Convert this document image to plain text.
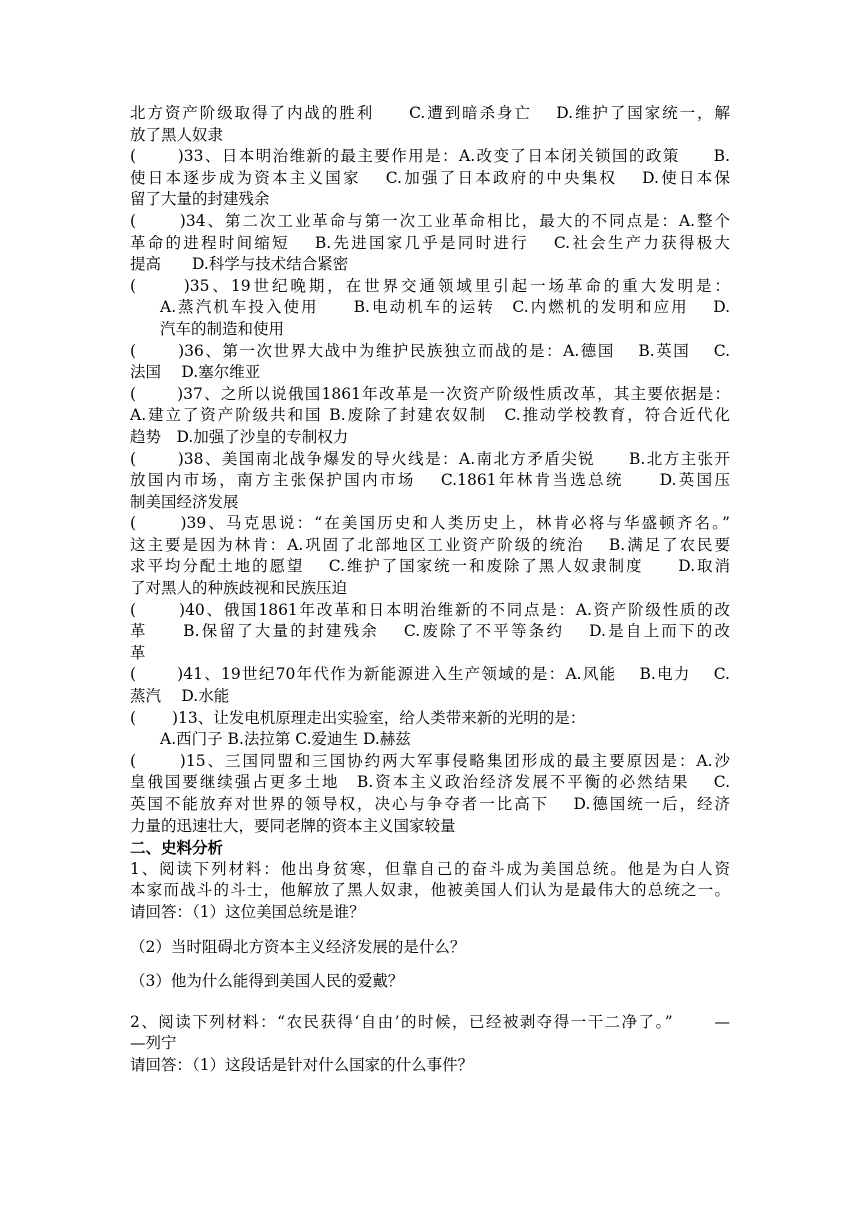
北方资产阶级取得了内战的胜利　　C.遭到暗杀身亡　 D.维护了国家统一，解
放了黑人奴隶
(　　 )33、日本明治维新的最主要作用是：A.改变了日本闭关锁国的政策　　B.
使日本逐步成为资本主义国家　 C.加强了日本政府的中央集权　 D.使日本保
留了大量的封建残余
(　　 )34、第二次工业革命与第一次工业革命相比，最大的不同点是：A.整个
革命的进程时间缩短　 B.先进国家几乎是同时进行　 C.社会生产力获得极大
提高　　D.科学与技术结合紧密
(　　 )35、19世纪晚期，在世界交通领域里引起一场革命的重大发明是：
A.蒸汽机车投入使用　　B.电动机车的运转　C.内燃机的发明和应用　 D.
汽车的制造和使用
(　　 )36、第一次世界大战中为维护民族独立而战的是：A.德国　 B.英国　 C.
法国　 D.塞尔维亚
(　　 )37、之所以说俄国1861年改革是一次资产阶级性质改革，其主要依据是：
A.建立了资产阶级共和国 B.废除了封建农奴制　C.推动学校教育，符合近代化
趋势　D.加强了沙皇的专制权力
(　　 )38、美国南北战争爆发的导火线是：A.南北方矛盾尖锐　　B.北方主张开
放国内市场，南方主张保护国内市场　 C.1861年林肯当选总统　　D.英国压
制美国经济发展
(　　 )39、马克思说：“在美国历史和人类历史上，林肯必将与华盛顿齐名。”
这主要是因为林肯：A.巩固了北部地区工业资产阶级的统治　 B.满足了农民要
求平均分配土地的愿望　 C.维护了国家统一和废除了黑人奴隶制度　　D.取消
了对黑人的种族歧视和民族压迫
(　　 )40、俄国1861年改革和日本明治维新的不同点是：A.资产阶级性质的改
革　　B.保留了大量的封建残余　 C.废除了不平等条约　 D.是自上而下的改
革
(　　 )41、19世纪70年代作为新能源进入生产领域的是：A.风能　 B.电力　 C.
蒸汽　 D.水能
(　　 )13、让发电机原理走出实验室，给人类带来新的光明的是：
A.西门子 B.法拉第 C.爱迪生 D.赫兹
(　　 )15、三国同盟和三国协约两大军事侵略集团形成的最主要原因是：A.沙
皇俄国要继续强占更多土地　B.资本主义政治经济发展不平衡的必然结果　 C.
英国不能放弃对世界的领导权，决心与争夺者一比高下　 D.德国统一后，经济
力量的迅速壮大，要同老牌的资本主义国家较量
二、史料分析
1、阅读下列材料：他出身贫寒，但靠自己的奋斗成为美国总统。他是为白人资
本家而战斗的斗士，他解放了黑人奴隶，他被美国人们认为是最伟大的总统之一。
请回答：（1）这位美国总统是谁？
（2）当时阻碍北方资本主义经济发展的是什么？
（3）他为什么能得到美国人民的爱戴？
2、阅读下列材料：“农民获得‘自由’的时候，已经被剥夺得一干二净了。”　　 —
—列宁
请回答：（1）这段话是针对什么国家的什么事件？
